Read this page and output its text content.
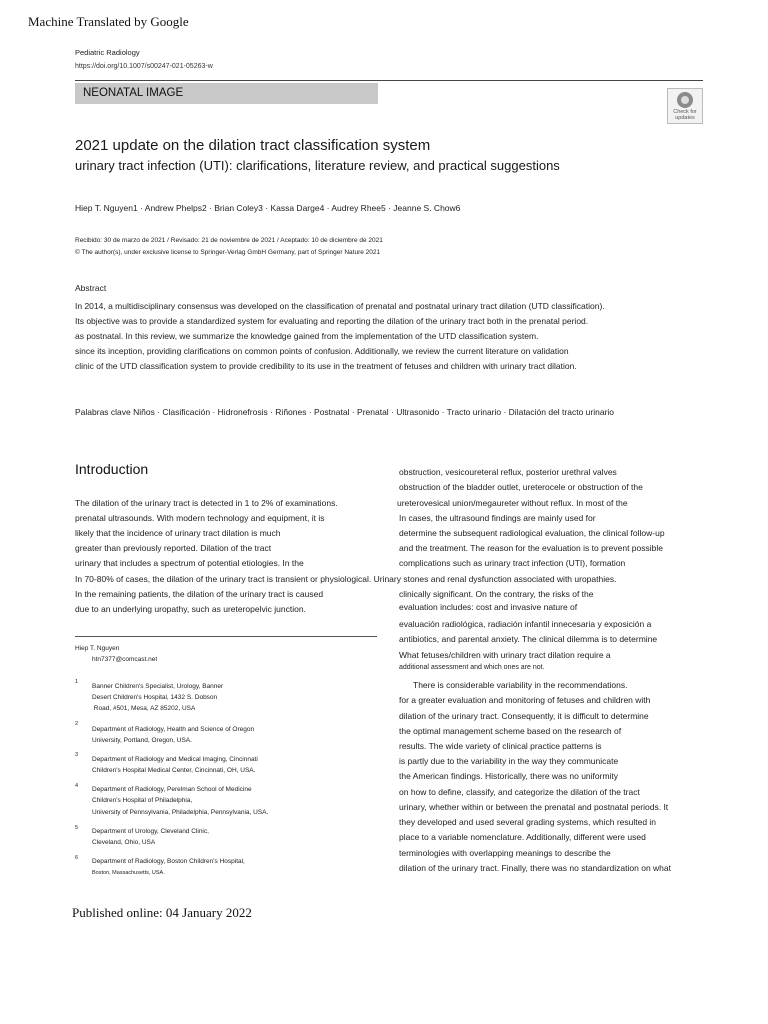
Machine Translated by Google
Pediatric Radiology
https://doi.org/10.1007/s00247-021-05263-w
NEONATAL IMAGE
Check for
updates
2021 update on the dilation tract classification system
urinary tract infection (UTI): clarifications, literature review, and practical suggestions
Hiep T. Nguyen1 · Andrew Phelps2 · Brian Coley3 · Kassa Darge4 · Audrey Rhee5 · Jeanne S. Chow6
Recibido: 30 de marzo de 2021 / Revisado: 21 de noviembre de 2021 / Aceptado: 10 de diciembre de 2021
© The author(s), under exclusive license to Springer-Verlag GmbH Germany, part of Springer Nature 2021
Abstract
In 2014, a multidisciplinary consensus was developed on the classification of prenatal and postnatal urinary tract dilation (UTD classification).
Its objective was to provide a standardized system for evaluating and reporting the dilation of the urinary tract both in the prenatal period.
as postnatal. In this review, we summarize the knowledge gained from the implementation of the UTD classification system.
since its inception, providing clarifications on common points of confusion. Additionally, we review the current literature on validation
clinic of the UTD classification system to provide credibility to its use in the treatment of fetuses and children with urinary tract dilation.
Palabras clave Niños · Clasificación · Hidronefrosis · Riñones · Postnatal · Prenatal · Ultrasonido · Tracto urinario · Dilatación del tracto urinario
Introduction
The dilation of the urinary tract is detected in 1 to 2% of examinations.
prenatal ultrasounds. With modern technology and equipment, it is
likely that the incidence of urinary tract dilation is much
greater than previously reported. Dilation of the tract
urinary that includes a spectrum of potential etiologies. In the
In 70-80% of cases, the dilation of the urinary tract is transient or physiological. Urinary stones and renal dysfunction associated with uropathies.
In the remaining patients, the dilation of the urinary tract is caused
due to an underlying uropathy, such as ureteropelvic junction.
obstruction, vesicoureteral reflux, posterior urethral valves
obstruction of the bladder outlet, ureterocele or obstruction of the
ureterovesical union/megaureter without reflux. In most of the
In cases, the ultrasound findings are mainly used for
determine the subsequent radiological evaluation, the clinical follow-up
and the treatment. The reason for the evaluation is to prevent possible
complications such as urinary tract infection (UTI), formation
clinically significant. On the contrary, the risks of the
evaluation includes: cost and invasive nature of
evaluación radiológica, radiación infantil innecesaria y exposición a
antibiotics, and parental anxiety. The clinical dilemma is to determine
What fetuses/children with urinary tract dilation require a
additional assessment and which ones are not.
There is considerable variability in the recommendations.
for a greater evaluation and monitoring of fetuses and children with
dilation of the urinary tract. Consequently, it is difficult to determine
the optimal management scheme based on the research of
results. The wide variety of clinical practice patterns is
is partly due to the variability in the way they communicate
the American findings. Historically, there was no uniformity
on how to define, classify, and categorize the dilation of the tract
urinary, whether within or between the prenatal and postnatal periods. It
they developed and used several grading systems, which resulted in
place to a variable nomenclature. Additionally, different were used
terminologies with overlapping meanings to describe the
dilation of the urinary tract. Finally, there was no standardization on what
Hiep T. Nguyen
htn7377@comcast.net
1
Banner Children's Specialist, Urology, Banner
Desert Children's Hospital, 1432 S. Dobson
Road, #501, Mesa, AZ 85202, USA
2
Department of Radiology, Health and Science of Oregon
University, Portland, Oregon, USA.
3
Department of Radiology and Medical Imaging, Cincinnati
Children's Hospital Medical Center, Cincinnati, OH, USA.
4 Department of Radiology, Perelman School of Medicine
Children's Hospital of Philadelphia,
University of Pennsylvania, Philadelphia, Pennsylvania, USA.
5 Department of Urology, Cleveland Clinic,
Cleveland, Ohio, USA
6 Department of Radiology, Boston Children's Hospital,
Boston, Massachusetts, USA.
Published online: 04 January 2022
